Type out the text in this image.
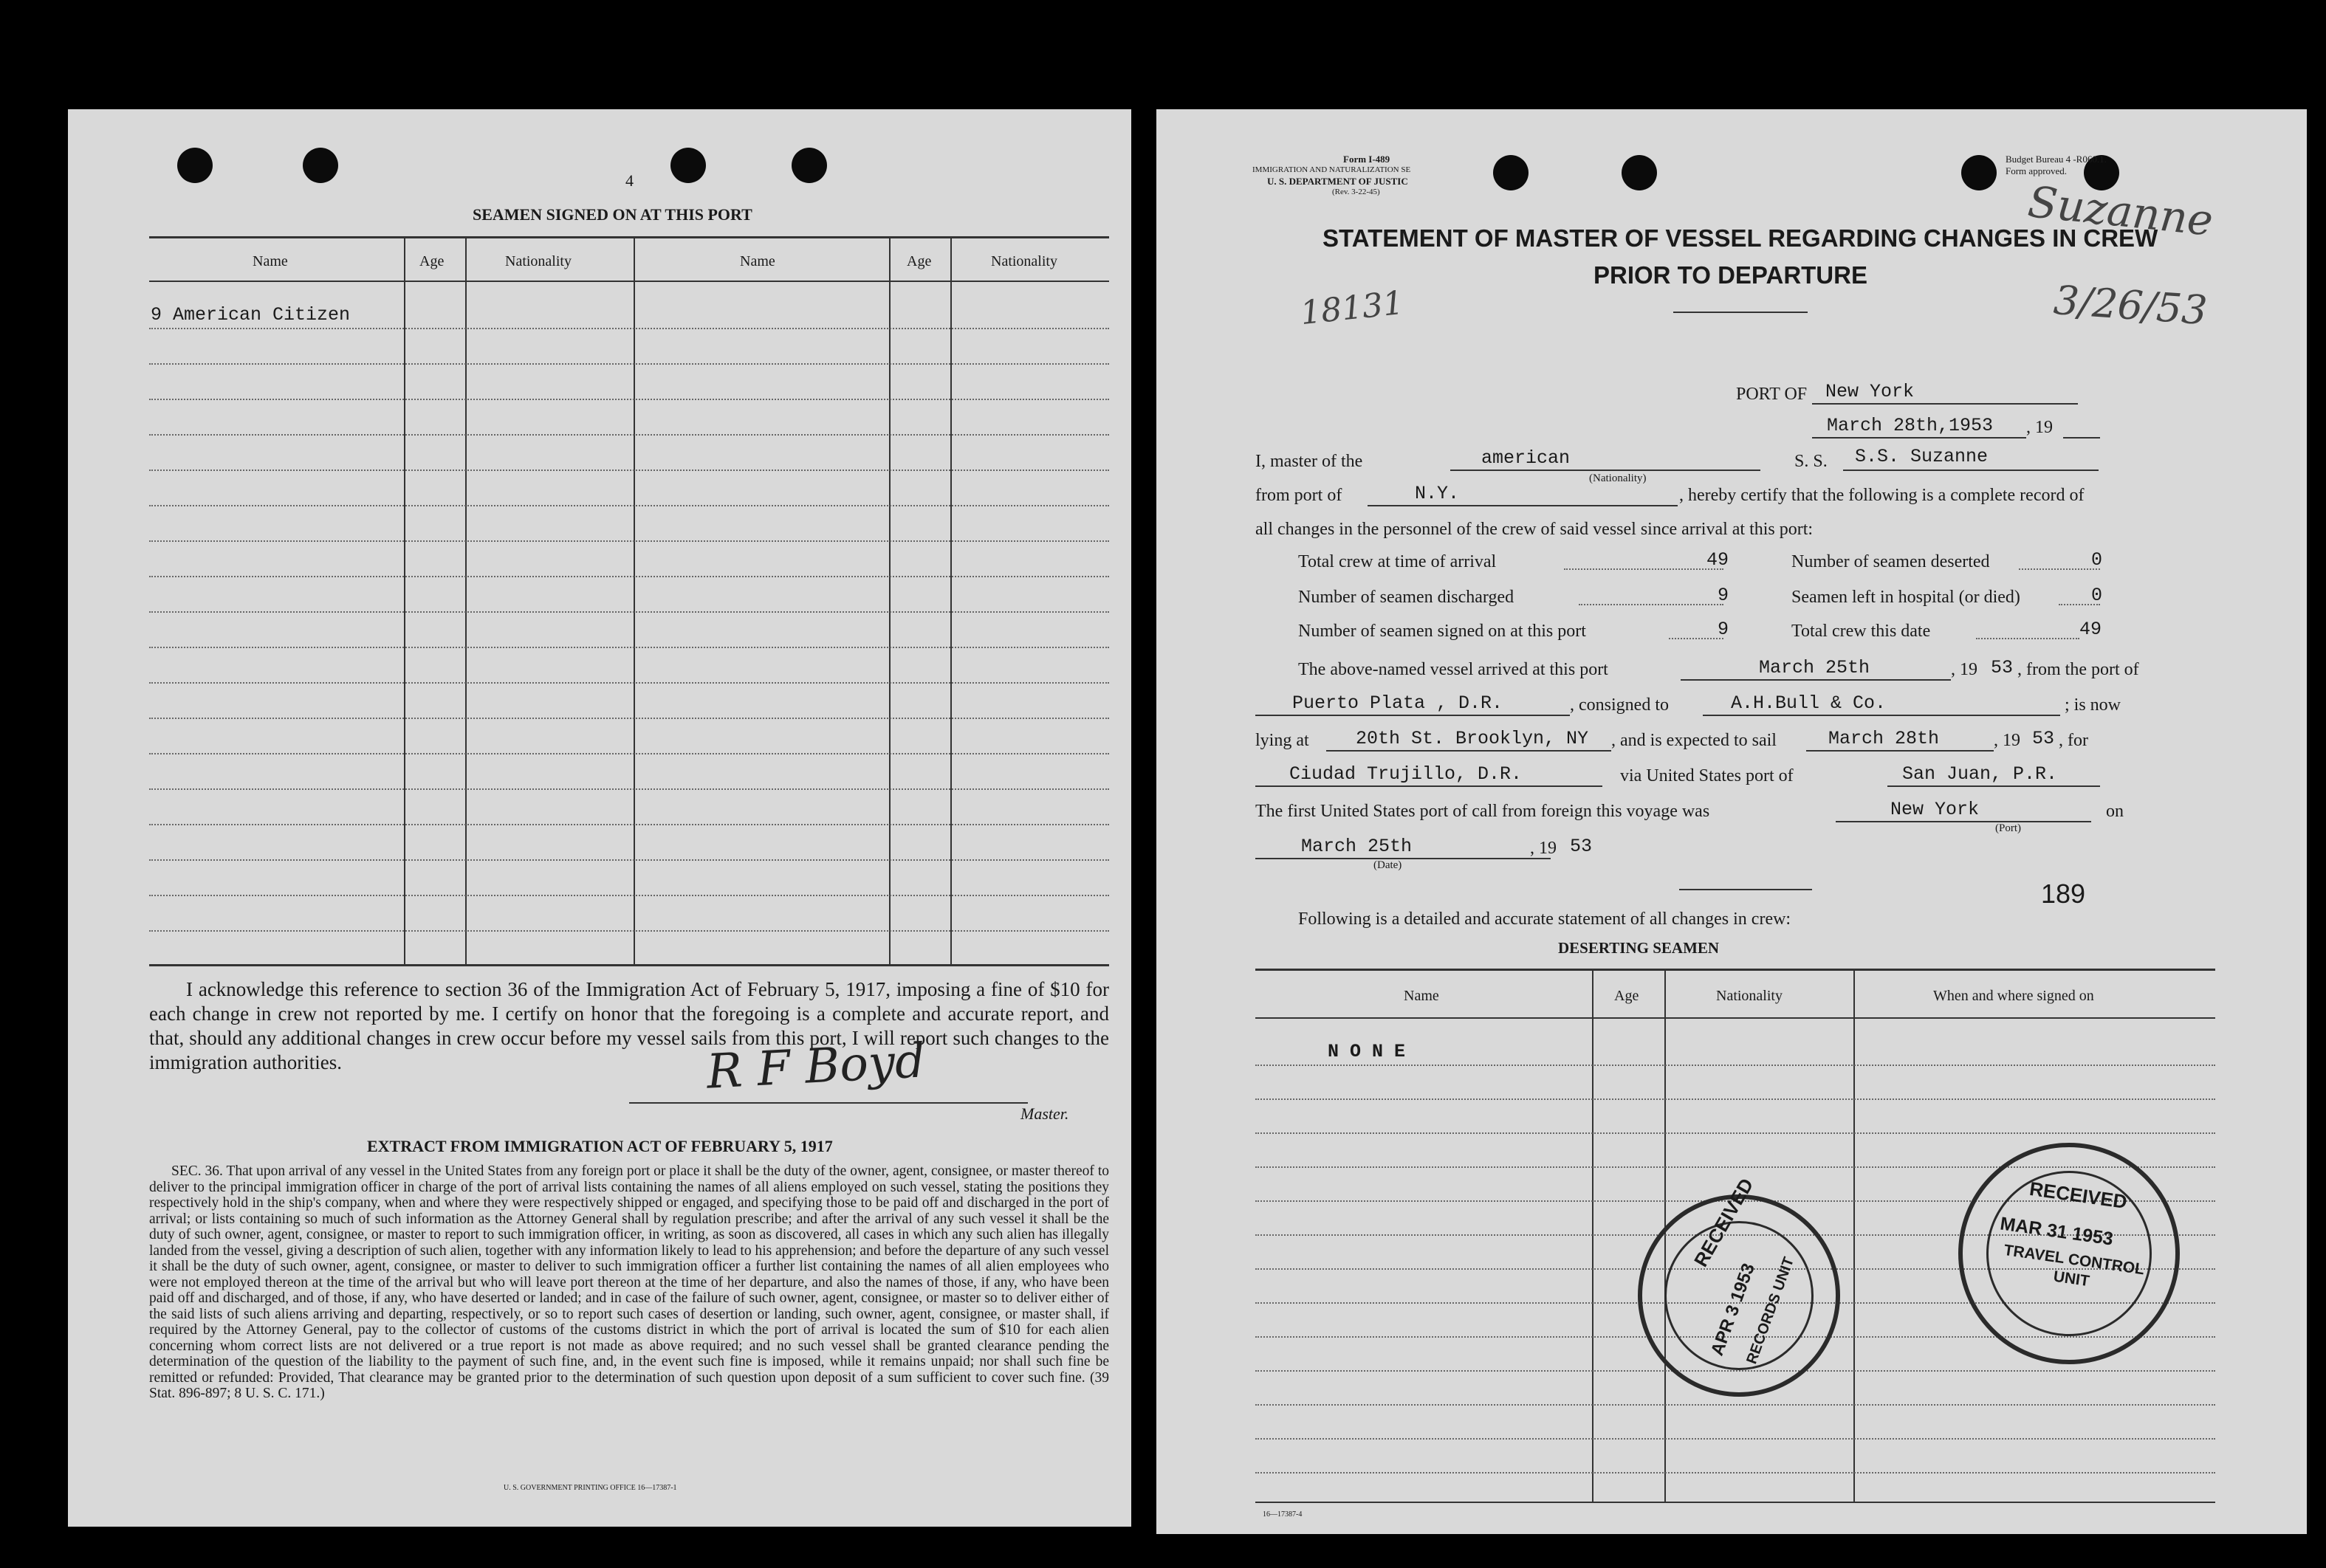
4
SEAMEN SIGNED ON AT THIS PORT
Name	Age	Nationality	Name	Age	Nationality
9 American Citizen
I acknowledge this reference to section 36 of the Immigration Act of February 5, 1917, imposing a fine of $10 for each change in crew not reported by me. I certify on honor that the foregoing is a complete and accurate report, and that, should any additional changes in crew occur before my vessel sails from this port, I will report such changes to the immigration authorities.	R F Boyd
Master.
EXTRACT FROM IMMIGRATION ACT OF FEBRUARY 5, 1917
SEC. 36. That upon arrival of any vessel in the United States from any foreign port or place it shall be the duty of the owner, agent, consignee, or master thereof to deliver to the principal immigration officer in charge of the port of arrival lists containing the names of all aliens employed on such vessel, stating the positions they respectively hold in the ship's company, when and where they were respectively shipped or engaged, and specifying those to be paid off and discharged in the port of arrival; or lists containing so much of such information as the Attorney General shall by regulation prescribe; and after the arrival of any such vessel it shall be the duty of such owner, agent, consignee, or master to report to such immigration officer, in writing, as soon as discovered, all cases in which any such alien has illegally landed from the vessel, giving a description of such alien, together with any information likely to lead to his apprehension; and before the departure of any such vessel it shall be the duty of such owner, agent, consignee, or master to deliver to such immigration officer a further list containing the names of all alien employees who were not employed thereon at the time of the arrival but who will leave port thereon at the time of her departure, and also the names of those, if any, who have been paid off and discharged, and of those, if any, who have deserted or landed; and in case of the failure of such owner, agent, consignee, or master so to deliver either of the said lists of such aliens arriving and departing, respectively, or so to report such cases of desertion or landing, such owner, agent, consignee, or master shall, if required by the Attorney General, pay to the collector of customs of the customs district in which the port of arrival is located the sum of $10 for each alien concerning whom correct lists are not delivered or a true report is not made as above required; and no such vessel shall be granted clearance pending the determination of the question of the liability to the payment of such fine, and, in the event such fine is imposed, while it remains unpaid; nor shall such fine be remitted or refunded: Provided, That clearance may be granted prior to the determination of such question upon deposit of a sum sufficient to cover such fine. (39 Stat. 896-897; 8 U. S. C. 171.)
U. S. GOVERNMENT PRINTING OFFICE 16—17387-1
Form I-489
IMMIGRATION AND NATURALIZATION SE
U. S. DEPARTMENT OF JUSTIC
(Rev. 3-22-45)
Budget Bureau 4 -R060.1.
Form approved.
Suzanne
3/26/53
18131
STATEMENT OF MASTER OF VESSEL REGARDING CHANGES IN CREW
PRIOR TO DEPARTURE
PORT OF New York
March 28th,1953 , 19
I, master of the	american
(Nationality)
S. S. S.S. Suzanne
from port of	N.Y.	, hereby certify that the following is a complete record of
all changes in the personnel of the crew of said vessel since arrival at this port:
Total crew at time of arrival	49	Number of seamen deserted	0
Number of seamen discharged	9	Seamen left in hospital (or died)	0
Number of seamen signed on at this port	9	Total crew this date	49
The above-named vessel arrived at this port	March 25th	, 19 53 , from the port of
Puerto Plata , D.R.	, consigned to	A.H.Bull & Co.	; is now
lying at	20th St. Brooklyn, NY , and is expected to sail	March 28th	, 19 53 , for
Ciudad Trujillo, D.R.	via United States port of	San Juan, P.R.
The first United States port of call from foreign this voyage was	New York
(Port)
on
March 25th
(Date)
, 19 53
189
Following is a detailed and accurate statement of all changes in crew:
DESERTING SEAMEN
Name	Age	Nationality	When and where signed on
N O N E
RECEIVED
APR 3 1953
RECORDS UNIT
RECEIVED
MAR 31 1953
TRAVEL CONTROL UNIT
16—17387-4
